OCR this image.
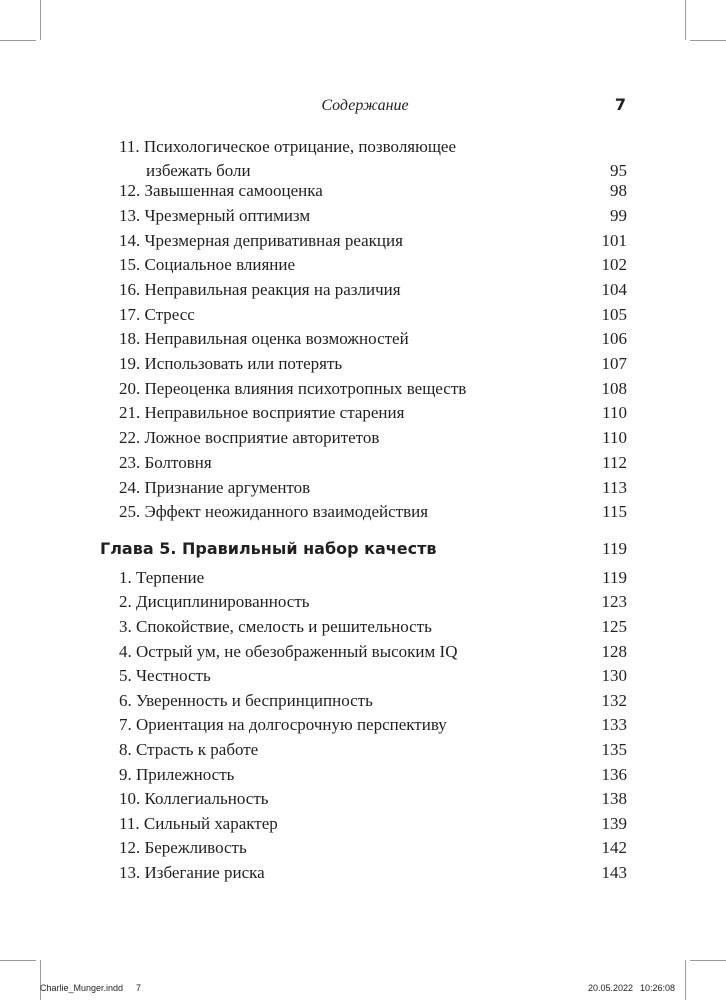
Содержание	7
11. Психологическое отрицание, позволяющее
избежать боли	95
12. Завышенная самооценка	98
13. Чрезмерный оптимизм	99
14. Чрезмерная депривативная реакция	101
15. Социальное влияние	102
16. Неправильная реакция на различия	104
17. Стресс	105
18. Неправильная оценка возможностей	106
19. Использовать или потерять	107
20. Переоценка влияния психотропных веществ	108
21. Неправильное восприятие старения	110
22. Ложное восприятие авторитетов	110
23. Болтовня	112
24. Признание аргументов	113
25. Эффект неожиданного взаимодействия	115
Глава 5. Правильный набор качеств	119
1. Терпение	119
2. Дисциплинированность	123
3. Спокойствие, смелость и решительность	125
4. Острый ум, не обезображенный высоким IQ	128
5. Честность	130
6. Уверенность и беспринципность	132
7. Ориентация на долгосрочную перспективу	133
8. Страсть к работе	135
9. Прилежность	136
10. Коллегиальность	138
11. Сильный характер	139
12. Бережливость	142
13. Избегание риска	143
Charlie_Munger.indd 7	20.05.2022 10:26:08
